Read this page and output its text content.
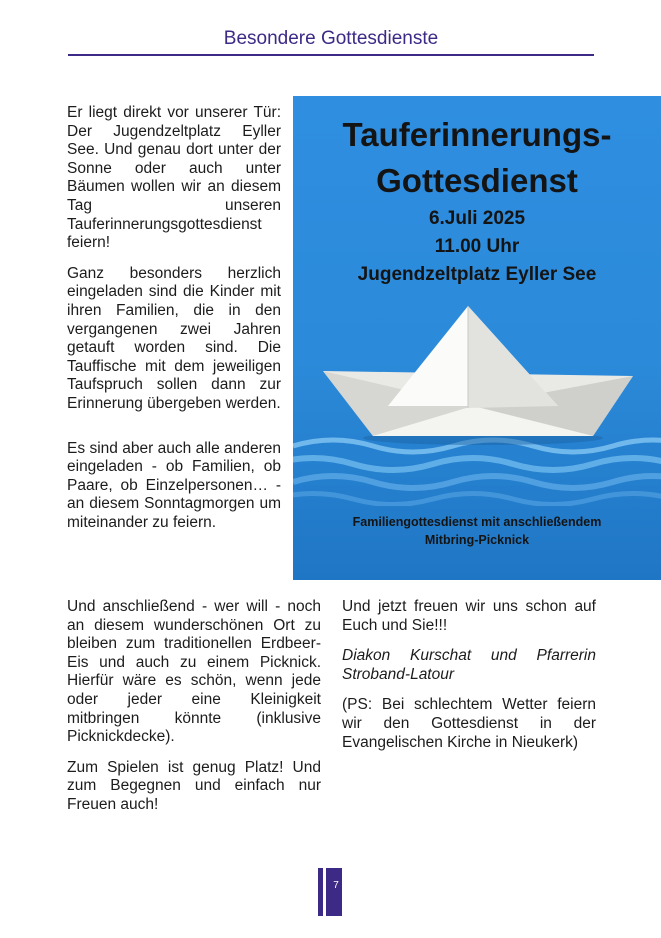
Besondere Gottesdienste

Er liegt direkt vor unserer Tür: Der Jugendzeltplatz Eyller See. Und genau dort unter der Sonne oder auch unter Bäumen wollen wir an diesem Tag unseren Tauferinnerungsgottesdienst feiern!

Ganz besonders herzlich eingeladen sind die Kinder mit ihren Familien, die in den vergangenen zwei Jahren getauft worden sind. Die Tauffische mit dem jeweiligen Taufspruch sollen dann zur Erinnerung übergeben werden.

Es sind aber auch alle anderen eingeladen - ob Familien, ob Paare, ob Einzelpersonen… - an diesem Sonntagmorgen um miteinander zu feiern.

Tauferinnerungs-
Gottesdienst
6.Juli 2025
11.00 Uhr
Jugendzeltplatz Eyller See
Familiengottesdienst mit anschließendem
Mitbring-Picknick

Und anschließend - wer will - noch an diesem wunderschönen Ort zu bleiben zum traditionellen Erdbeer-Eis und auch zu einem Picknick. Hierfür wäre es schön, wenn jede oder jeder eine Kleinigkeit mitbringen könnte (inklusive Picknickdecke).

Zum Spielen ist genug Platz! Und zum Begegnen und einfach nur Freuen auch!

Und jetzt freuen wir uns schon auf Euch und Sie!!!

Diakon Kurschat und Pfarrerin Stroband-Latour

(PS: Bei schlechtem Wetter feiern wir den Gottesdienst in der Evangelischen Kirche in Nieukerk)

7
